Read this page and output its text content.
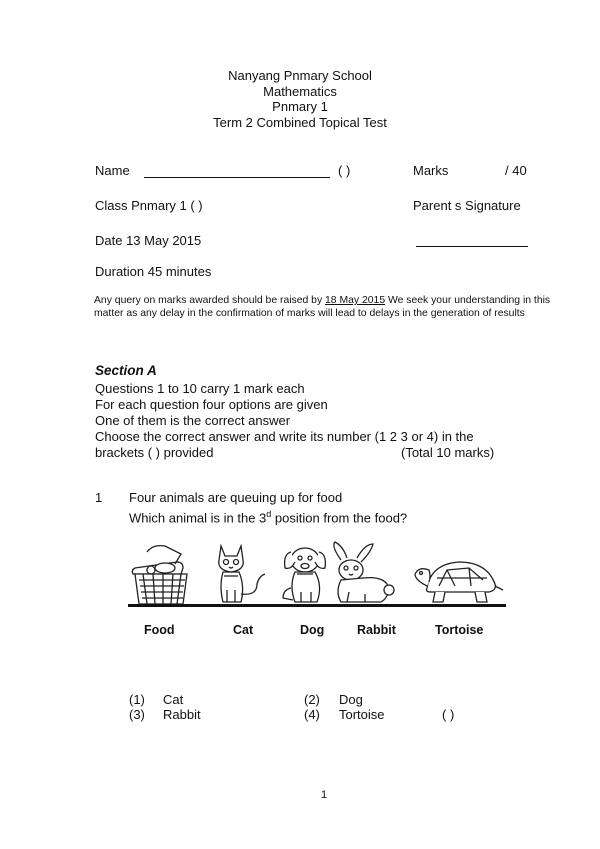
Nanyang Pnmary School
Mathematics
Pnmary 1
Term 2 Combined Topical Test
Name	( )	Marks	/ 40
Class Pnmary 1 ( )	Parent s Signature
Date 13 May 2015
Duration 45 minutes
Any query on marks awarded should be raised by 18 May 2015 We seek your understanding in this matter as any delay in the confirmation of marks will lead to delays in the generation of results
Section A
Questions 1 to 10 carry 1 mark each
For each question four options are given
One of them is the correct answer
Choose the correct answer and write its number (1 2 3 or 4) in the
brackets ( ) provided	(Total 10 marks)
1 Four animals are queuing up for food
Which animal is in the 3$^d$ position from the food?
Food	Cat	Dog	Rabbit	Tortoise
(1) Cat	(2) Dog
(3) Rabbit	(4) Tortoise	( )
1
